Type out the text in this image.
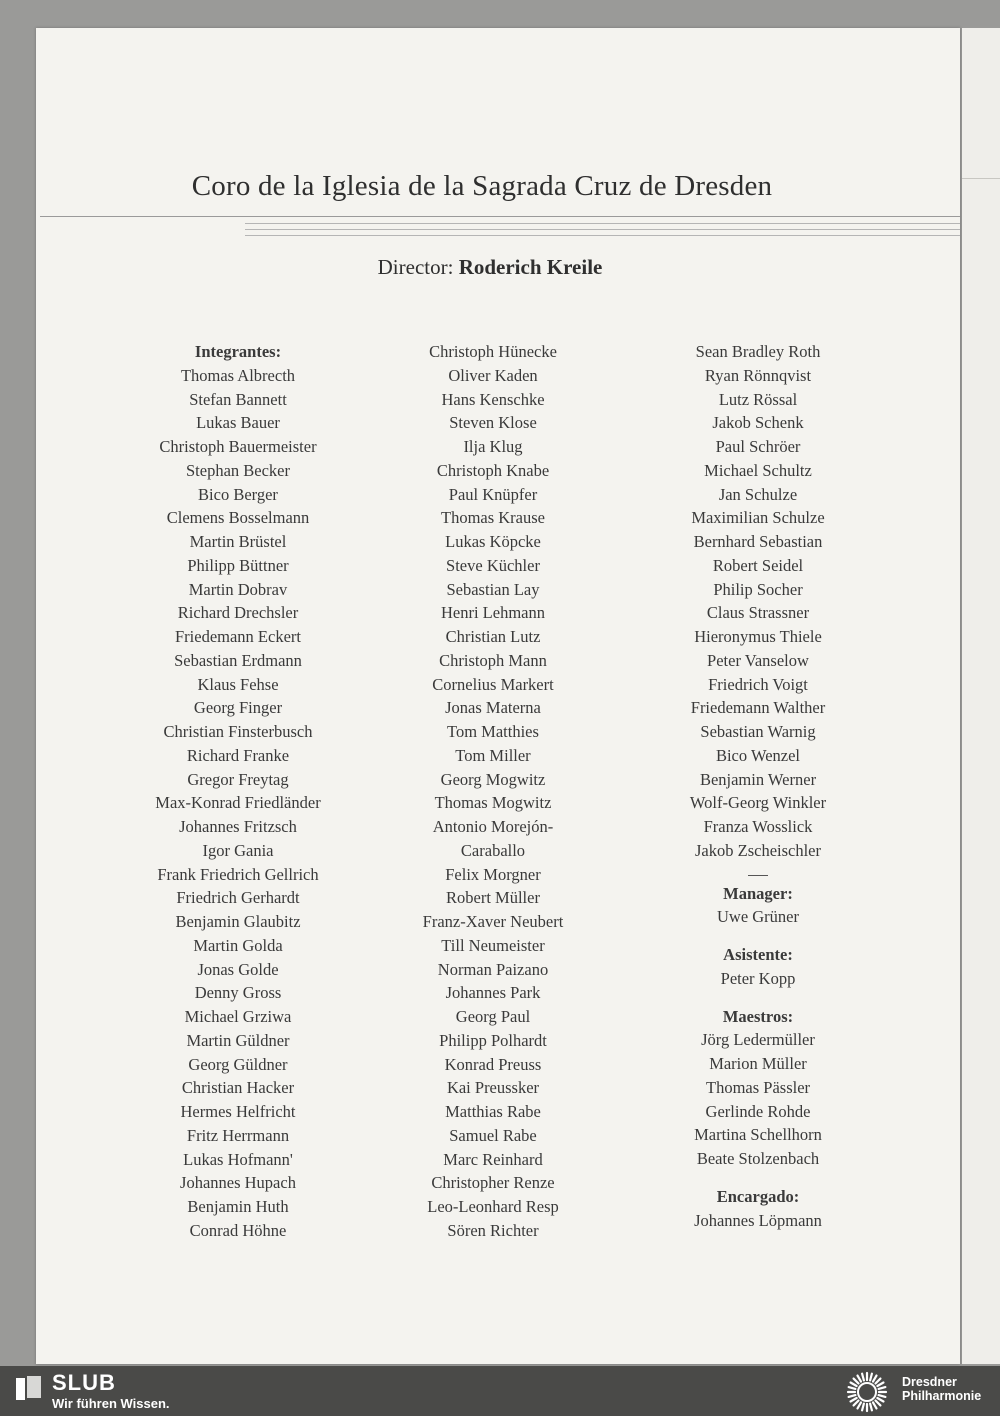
Coro de la Iglesia de la Sagrada Cruz de Dresden
Director: Roderich Kreile
Integrantes:
Thomas Albrecth
Stefan Bannett
Lukas Bauer
Christoph Bauermeister
Stephan Becker
Bico Berger
Clemens Bosselmann
Martin Brüstel
Philipp Büttner
Martin Dobrav
Richard Drechsler
Friedemann Eckert
Sebastian Erdmann
Klaus Fehse
Georg Finger
Christian Finsterbusch
Richard Franke
Gregor Freytag
Max-Konrad Friedländer
Johannes Fritzsch
Igor Gania
Frank Friedrich Gellrich
Friedrich Gerhardt
Benjamin Glaubitz
Martin Golda
Jonas Golde
Denny Gross
Michael Grziwa
Martin Güldner
Georg Güldner
Christian Hacker
Hermes Helfricht
Fritz Herrmann
Lukas Hofmann'
Johannes Hupach
Benjamin Huth
Conrad Höhne
Christoph Hünecke
Oliver Kaden
Hans Kenschke
Steven Klose
Ilja Klug
Christoph Knabe
Paul Knüpfer
Thomas Krause
Lukas Köpcke
Steve Küchler
Sebastian Lay
Henri Lehmann
Christian Lutz
Christoph Mann
Cornelius Markert
Jonas Materna
Tom Matthies
Tom Miller
Georg Mogwitz
Thomas Mogwitz
Antonio Morejón-
Caraballo
Felix Morgner
Robert Müller
Franz-Xaver Neubert
Till Neumeister
Norman Paizano
Johannes Park
Georg Paul
Philipp Polhardt
Konrad Preuss
Kai Preussker
Matthias Rabe
Samuel Rabe
Marc Reinhard
Christopher Renze
Leo-Leonhard Resp
Sören Richter
Sean Bradley Roth
Ryan Rönnqvist
Lutz Rössal
Jakob Schenk
Paul Schröer
Michael Schultz
Jan Schulze
Maximilian Schulze
Bernhard Sebastian
Robert Seidel
Philip Socher
Claus Strassner
Hieronymus Thiele
Peter Vanselow
Friedrich Voigt
Friedemann Walther
Sebastian Warnig
Bico Wenzel
Benjamin Werner
Wolf-Georg Winkler
Franza Wosslick
Jakob Zscheischler
Manager:
Uwe Grüner
Asistente:
Peter Kopp
Maestros:
Jörg Ledermüller
Marion Müller
Thomas Pässler
Gerlinde Rohde
Martina Schellhorn
Beate Stolzenbach
Encargado:
Johannes Löpmann
SLUB
Wir führen Wissen.
Dresdner
Philharmonie
